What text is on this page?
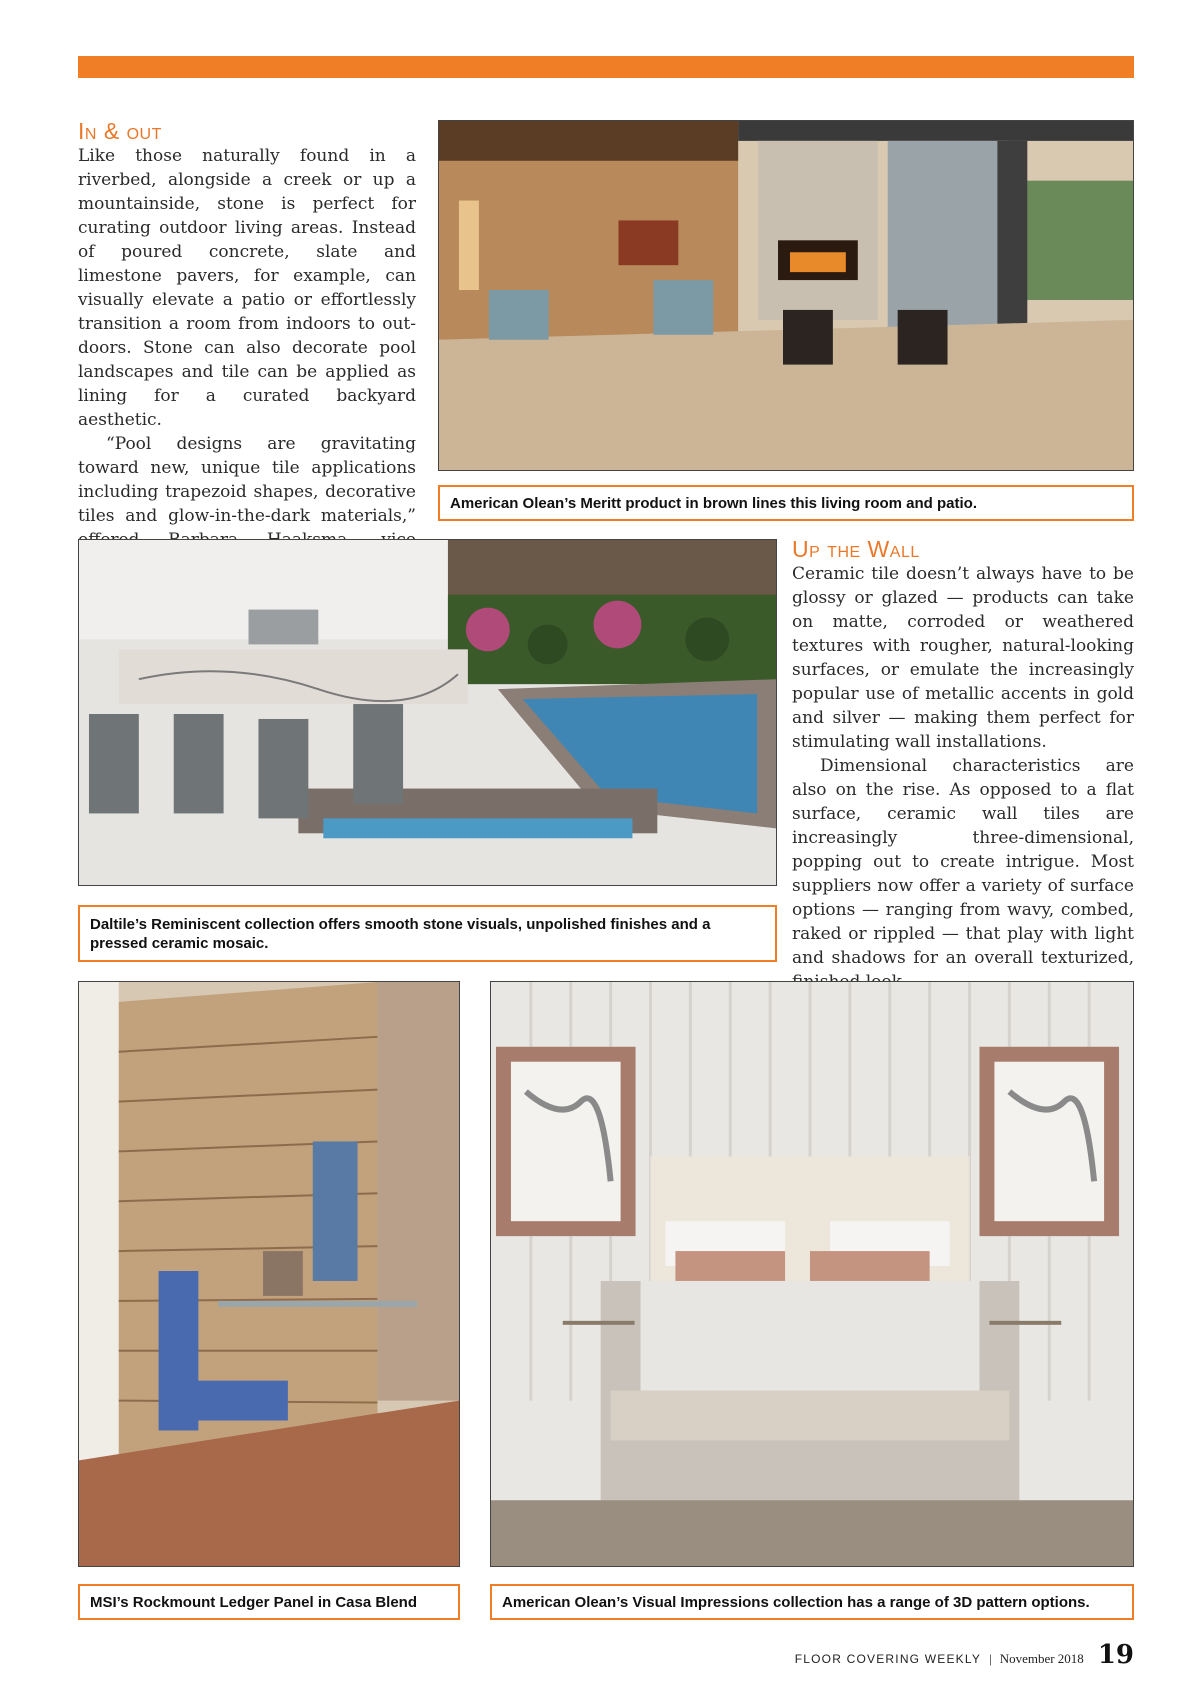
In & out

Like those naturally found in a riverbed, alongside a creek or up a mountainside, stone is perfect for curating outdoor living areas. Instead of poured concrete, slate and limestone pavers, for example, can visually elevate a patio or effortlessly transition a room from indoors to outdoors. Stone can also decorate pool landscapes and tile can be applied as lining for a curated backyard aesthetic.

“Pool designs are gravitating toward new, unique tile applications including trapezoid shapes, decorative tiles and glow-in-the-dark materials,”

American Olean’s Meritt product in brown lines this living room and patio.
Daltile’s Reminiscent collection offers smooth stone visuals, unpolished finishes and a pressed ceramic mosaic.
Up the Wall

Ceramic tile doesn’t always have to be glossy or glazed — products can take on matte, corroded or weathered textures with rougher, natural-looking surfaces, or emulate the increasingly popular use of metallic accents in gold and silver — making them perfect for stimulating wall installations.

Dimensional characteristics are also on the rise. As opposed to a flat surface, ceramic wall tiles are increasingly three-dimensional, popping out to create intrigue. Most suppliers now offer a variety of surface options — ranging from wavy, combed, raked or rippled — that play with light and shadows for an overall texturized,

MSI’s Rockmount Ledger Panel in Casa Blend	American Olean’s Visual Impressions collection has a range of 3D pattern options.
FLOOR COVERING WEEKLY | November 2018 19
